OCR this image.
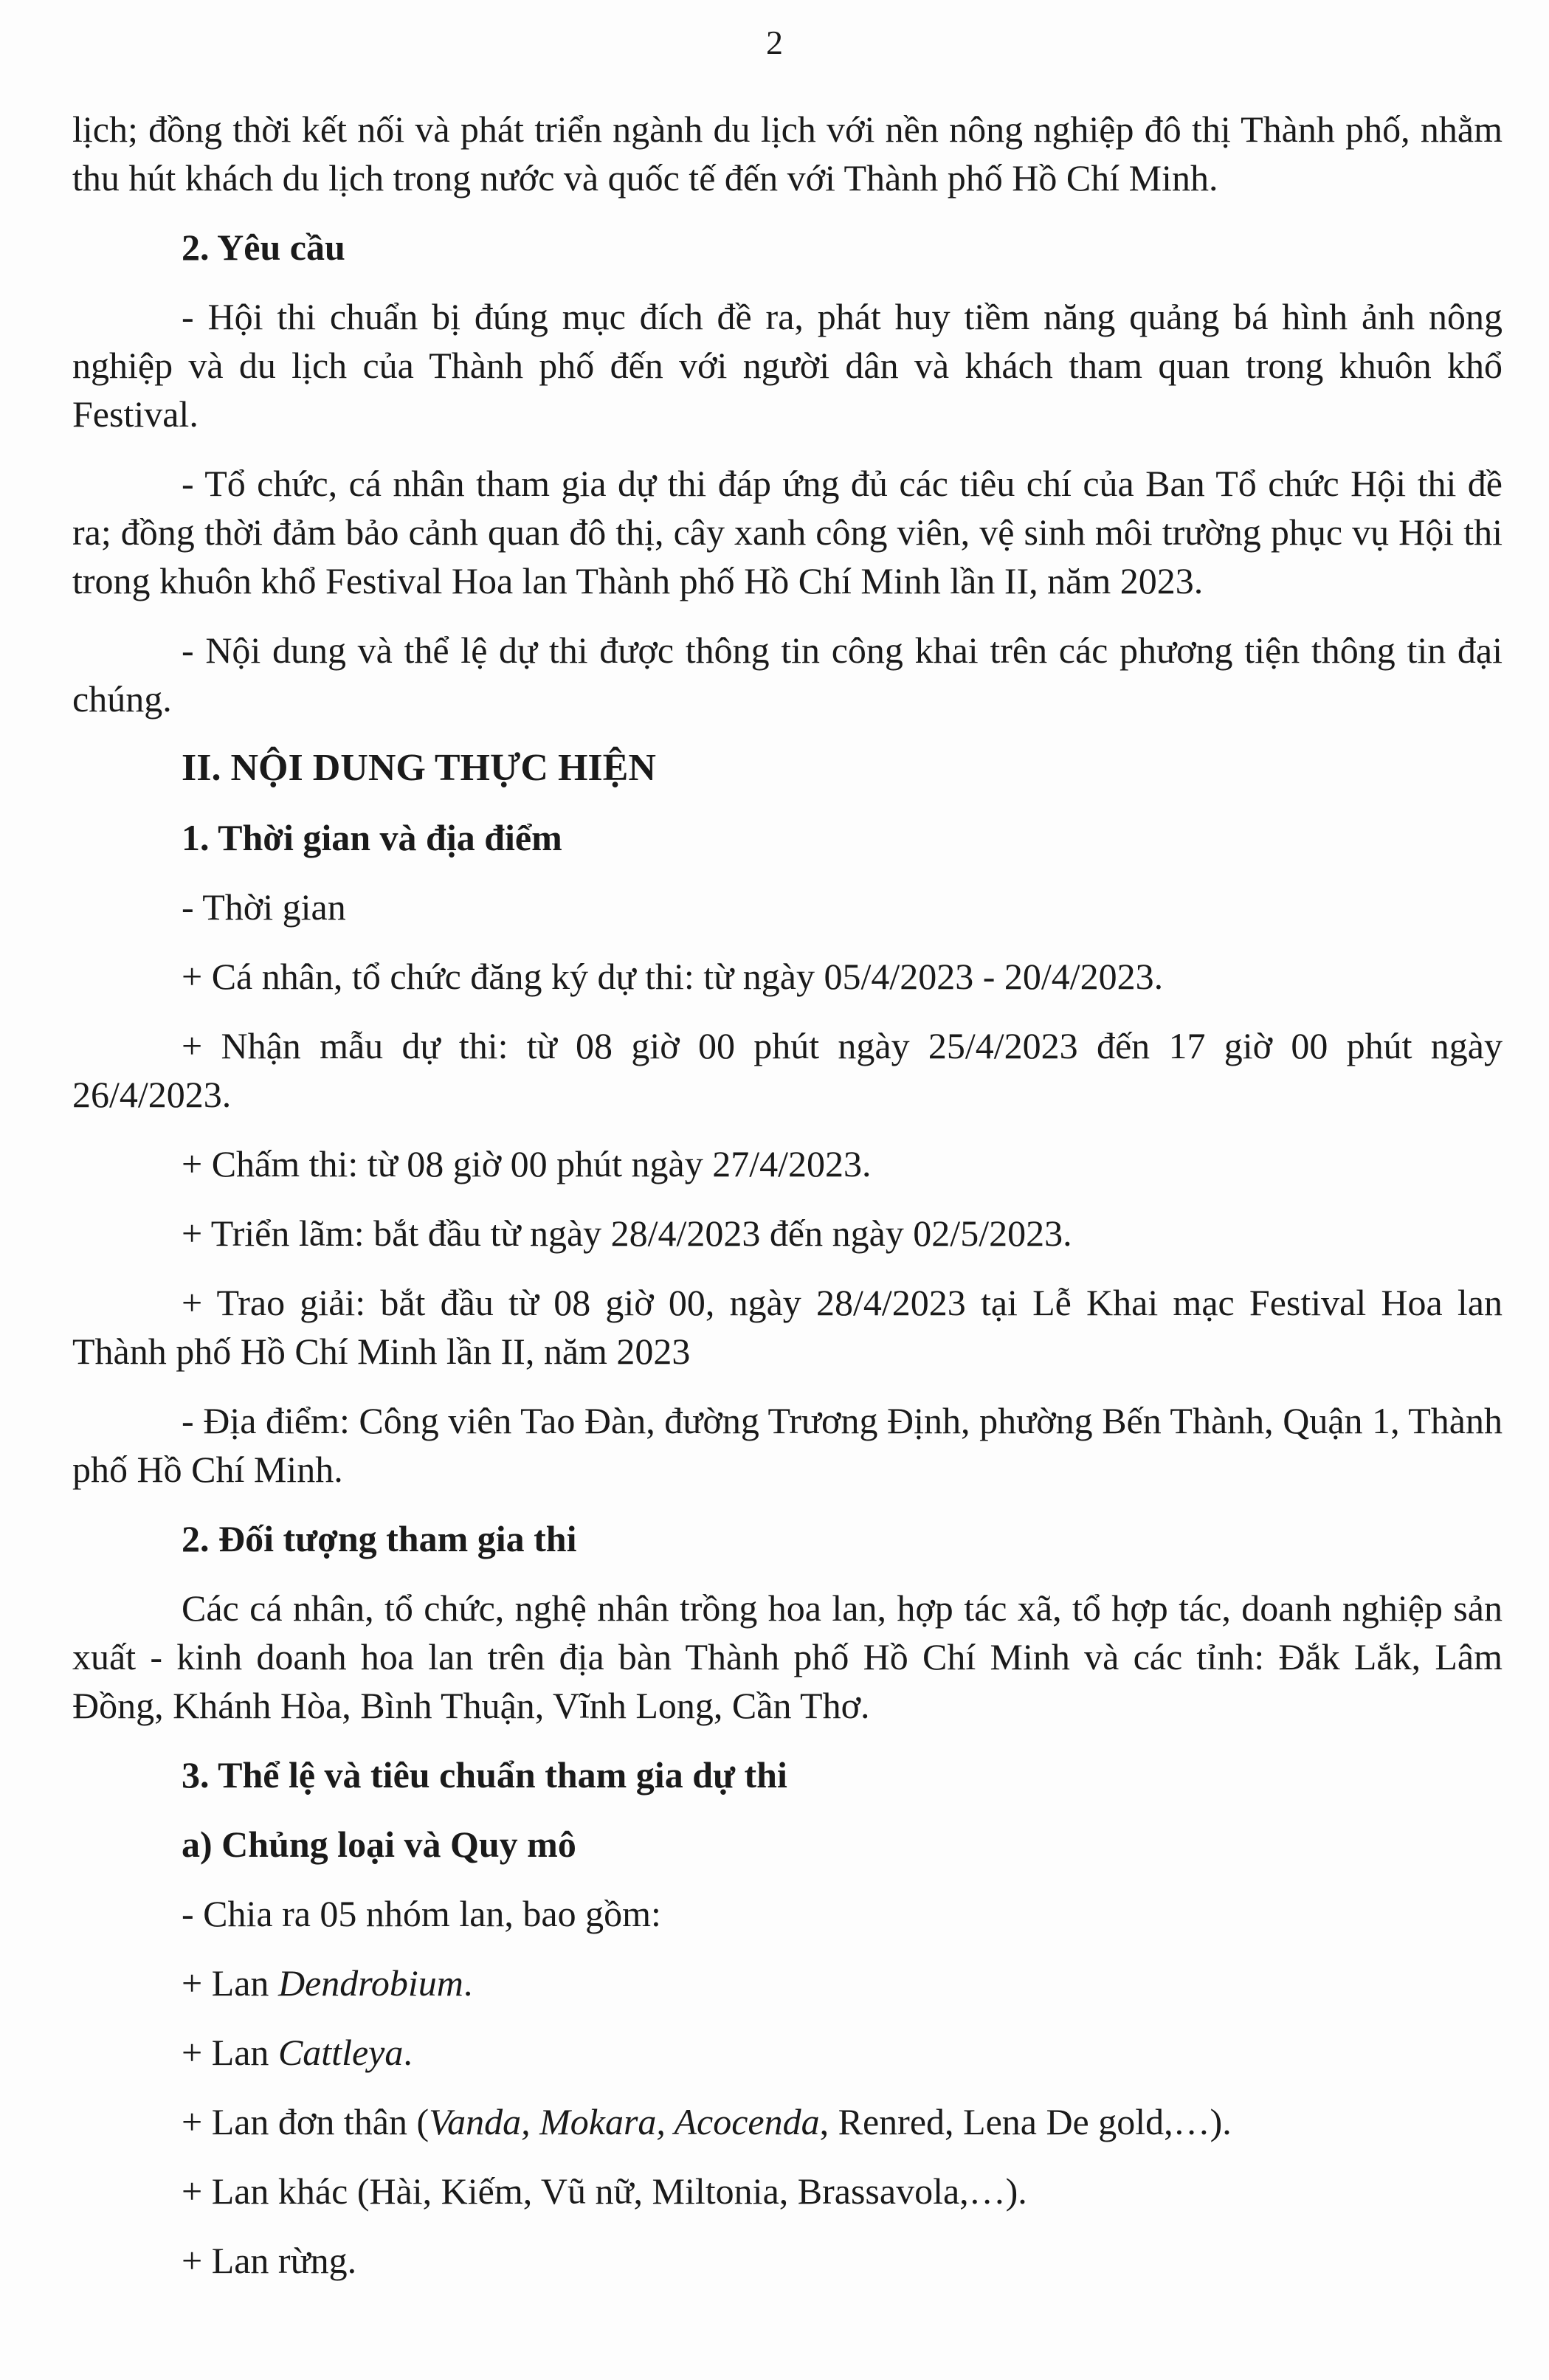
2

lịch; đồng thời kết nối và phát triển ngành du lịch với nền nông nghiệp đô thị Thành phố, nhằm thu hút khách du lịch trong nước và quốc tế đến với Thành phố Hồ Chí Minh.

2. Yêu cầu

- Hội thi chuẩn bị đúng mục đích đề ra, phát huy tiềm năng quảng bá hình ảnh nông nghiệp và du lịch của Thành phố đến với người dân và khách tham quan trong khuôn khổ Festival.

- Tổ chức, cá nhân tham gia dự thi đáp ứng đủ các tiêu chí của Ban Tổ chức Hội thi đề ra; đồng thời đảm bảo cảnh quan đô thị, cây xanh công viên, vệ sinh môi trường phục vụ Hội thi trong khuôn khổ Festival Hoa lan Thành phố Hồ Chí Minh lần II, năm 2023.

- Nội dung và thể lệ dự thi được thông tin công khai trên các phương tiện thông tin đại chúng.

II. NỘI DUNG THỰC HIỆN

1. Thời gian và địa điểm

- Thời gian

+ Cá nhân, tổ chức đăng ký dự thi: từ ngày 05/4/2023 - 20/4/2023.

+ Nhận mẫu dự thi: từ 08 giờ 00 phút ngày 25/4/2023 đến 17 giờ 00 phút ngày 26/4/2023.

+ Chấm thi: từ 08 giờ 00 phút ngày 27/4/2023.

+ Triển lãm: bắt đầu từ ngày 28/4/2023 đến ngày 02/5/2023.

+ Trao giải: bắt đầu từ 08 giờ 00, ngày 28/4/2023 tại Lễ Khai mạc Festival Hoa lan Thành phố Hồ Chí Minh lần II, năm 2023

- Địa điểm: Công viên Tao Đàn, đường Trương Định, phường Bến Thành, Quận 1, Thành phố Hồ Chí Minh.

2. Đối tượng tham gia thi

Các cá nhân, tổ chức, nghệ nhân trồng hoa lan, hợp tác xã, tổ hợp tác, doanh nghiệp sản xuất - kinh doanh hoa lan trên địa bàn Thành phố Hồ Chí Minh và các tỉnh: Đắk Lắk, Lâm Đồng, Khánh Hòa, Bình Thuận, Vĩnh Long, Cần Thơ.

3. Thể lệ và tiêu chuẩn tham gia dự thi

a) Chủng loại và Quy mô

- Chia ra 05 nhóm lan, bao gồm:

+ Lan Dendrobium.

+ Lan Cattleya.

+ Lan đơn thân (Vanda, Mokara, Acocenda, Renred, Lena De gold,…).

+ Lan khác (Hài, Kiếm, Vũ nữ, Miltonia, Brassavola,…).

+ Lan rừng.
